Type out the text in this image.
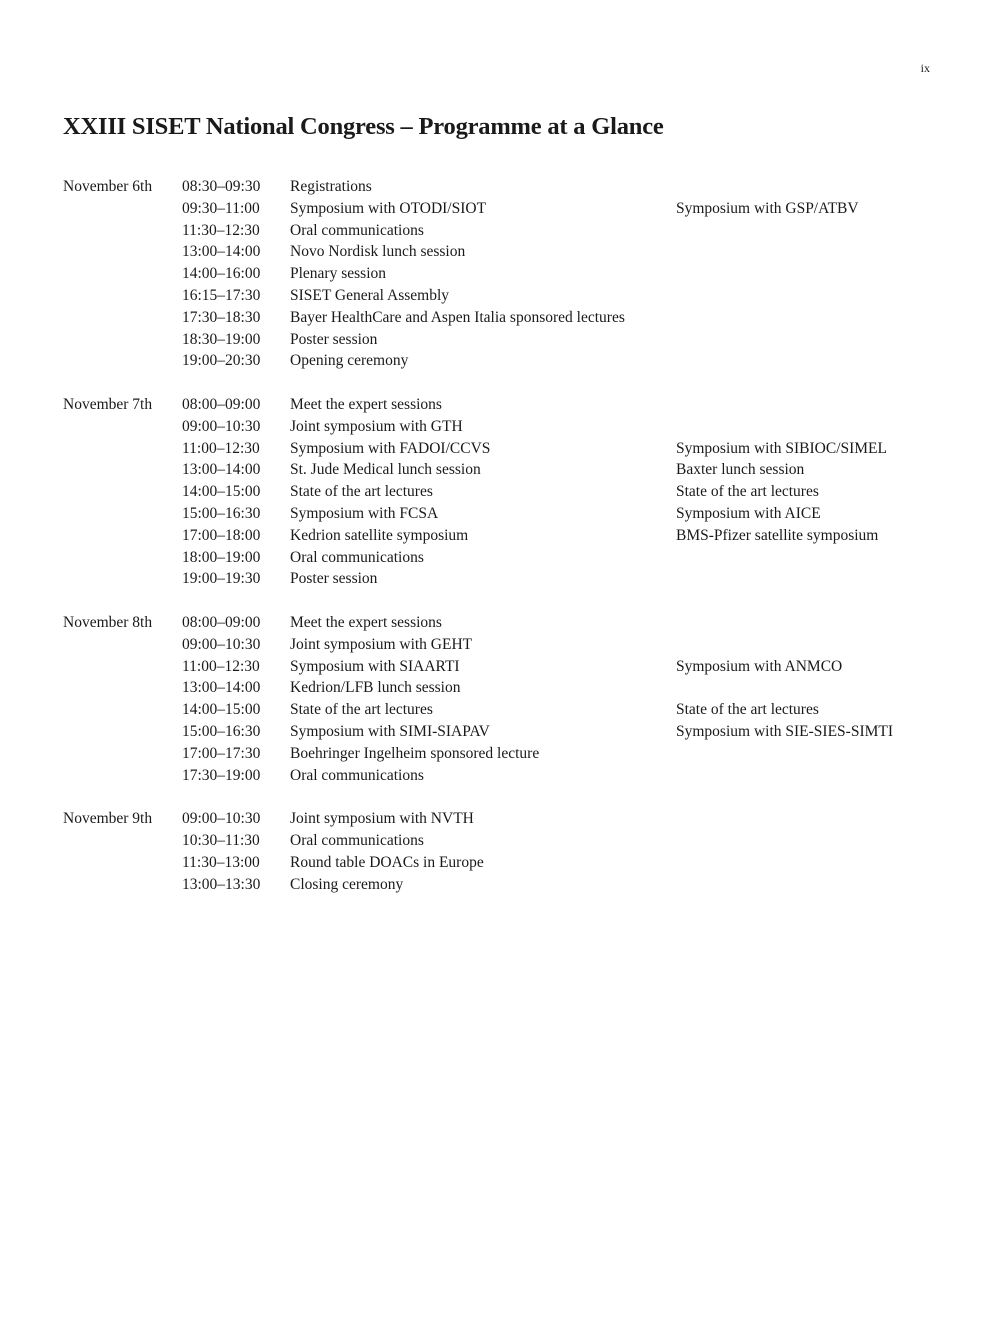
ix
XXIII SISET National Congress – Programme at a Glance
November 6th 08:30–09:30 Registrations
09:30–11:00 Symposium with OTODI/SIOT	Symposium with GSP/ATBV
11:30–12:30 Oral communications
13:00–14:00 Novo Nordisk lunch session
14:00–16:00 Plenary session
16:15–17:30 SISET General Assembly
17:30–18:30 Bayer HealthCare and Aspen Italia sponsored lectures
18:30–19:00 Poster session
19:00–20:30 Opening ceremony
November 7th 08:00–09:00 Meet the expert sessions
09:00–10:30 Joint symposium with GTH
11:00–12:30 Symposium with FADOI/CCVS	Symposium with SIBIOC/SIMEL
13:00–14:00 St. Jude Medical lunch session	Baxter lunch session
14:00–15:00 State of the art lectures	State of the art lectures
15:00–16:30 Symposium with FCSA	Symposium with AICE
17:00–18:00 Kedrion satellite symposium	BMS-Pfizer satellite symposium
18:00–19:00 Oral communications
19:00–19:30 Poster session
November 8th 08:00–09:00 Meet the expert sessions
09:00–10:30 Joint symposium with GEHT
11:00–12:30 Symposium with SIAARTI	Symposium with ANMCO
13:00–14:00 Kedrion/LFB lunch session
14:00–15:00 State of the art lectures	State of the art lectures
15:00–16:30 Symposium with SIMI-SIAPAV	Symposium with SIE-SIES-SIMTI
17:00–17:30 Boehringer Ingelheim sponsored lecture
17:30–19:00 Oral communications
November 9th 09:00–10:30 Joint symposium with NVTH
10:30–11:30 Oral communications
11:30–13:00 Round table DOACs in Europe
13:00–13:30 Closing ceremony
